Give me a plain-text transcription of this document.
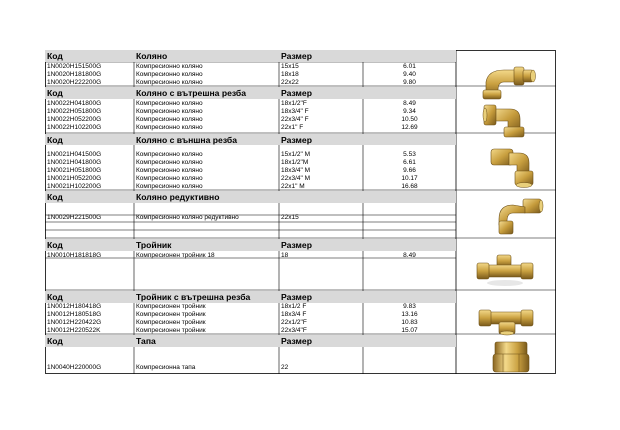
Код	Коляно	Размер
1N0020H151500G	Компресионно коляно	15x15	6.01
1N0020H181800G	Компресионно коляно	18x18	9.40
1N0020H222200G	Компресионно коляно	22x22	9.80
Код	Коляно с вътрешна резба	Размер
1N0022H041800G	Компресионно коляно	18x1/2"F	8.49
1N0022H051800G	Компресионно коляно	18x3/4" F	9.34
1N0022H052200G	Компресионно коляно	22x3/4" F	10.50
1N0022H102200G	Компресионно коляно	22x1" F	12.69
Код	Коляно с външна резба	Размер
1N0021H041500G	Компресионно коляно	15x1/2" M	5.53
1N0021H041800G	Компресионно коляно	18x1/2"M	6.61
1N0021H051800G	Компресионно коляно	18x3/4" M	9.66
1N0021H052200G	Компресионно коляно	22x3/4" M	10.17
1N0021H102200G	Компресионно коляно	22x1" M	16.68
Код	Коляно редуктивно
1N0029H221500G	Компресионно коляно редуктивно	22x15
Код	Тройник	Размер
1N0010H181818G	Компресионен тройник 18	18	8.49
Код	Тройник с вътрешна резба	Размер
1N0012H180418G	Компресионен тройник	18x1/2 F	9.83
1N0012H180518G	Компресионен тройник	18x3/4 F	13.16
1N0012H220422G	Компресионен тройник	22x1/2"F	10.83
1N0012H220522K	Компресионен тройник	22x3/4"F	15.07
Код	Тапа	Размер
1N0040H220000G	Компресионна тапа	22
